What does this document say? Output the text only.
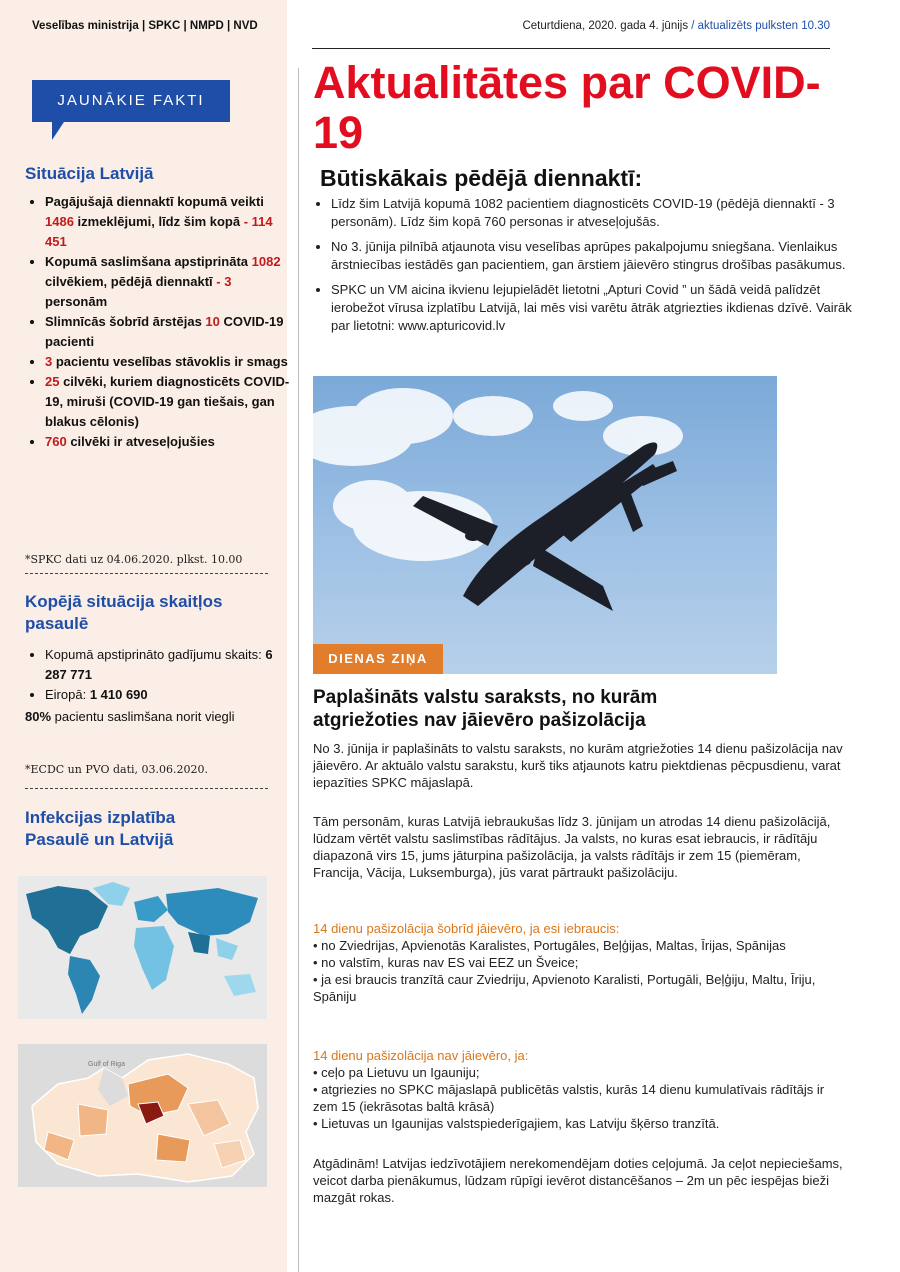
Veselības ministrija | SPKC | NMPD | NVD	Ceturtdiena, 2020. gada 4. jūnijs / aktualizēts pulksten 10.30
JAUNĀKIE FAKTI
Situācija Latvijā
• Pagājušajā diennaktī kopumā veikti 1486 izmeklējumi, līdz šim kopā - 114 451
• Kopumā saslimšana apstiprināta 1082 cilvēkiem, pēdējā diennaktī - 3 personām
• Slimnīcās šobrīd ārstējas 10 COVID-19 pacienti
• 3 pacientu veselības stāvoklis ir smags
• 25 cilvēki, kuriem diagnosticēts COVID-19, miruši (COVID-19 gan tiešais, gan blakus cēlonis)
• 760 cilvēki ir atveseļojušies
*SPKC dati uz 04.06.2020. plkst. 10.00
Kopējā situācija skaitļos pasaulē
• Kopumā apstiprināto gadījumu skaits: 6 287 771
• Eiropā: 1 410 690
80% pacientu saslimšana norit viegli
*ECDC un PVO dati, 03.06.2020.
Infekcijas izplatība Pasaulē un Latvijā
Gulf of Riga
Aktualitātes par COVID-19
Būtiskākais pēdējā diennaktī:
• Līdz šim Latvijā kopumā 1082 pacientiem diagnosticēts COVID-19 (pēdējā diennaktī - 3 personām). Līdz šim kopā 760 personas ir atveseļojušās.
• No 3. jūnija pilnībā atjaunota visu veselības aprūpes pakalpojumu sniegšana. Vienlaikus ārstniecības iestādēs gan pacientiem, gan ārstiem jāievēro stingrus drošības pasākumus.
• SPKC un VM aicina ikvienu lejupielādēt lietotni „Apturi Covid ” un šādā veidā palīdzēt ierobežot vīrusa izplatību Latvijā, lai mēs visi varētu ātrāk atgriezties ikdienas dzīvē. Vairāk par lietotni: www.apturicovid.lv
DIENAS ZIŅA
Paplašināts valstu saraksts, no kurām atgriežoties nav jāievēro pašizolācija

No 3. jūnija ir paplašināts to valstu saraksts, no kurām atgriežoties 14 dienu pašizolācija nav jāievēro. Ar aktuālo valstu sarakstu, kurš tiks atjaunots katru piektdienas pēcpusdienu, varat iepazīties SPKC mājaslapā.

Tām personām, kuras Latvijā iebraukušas līdz 3. jūnijam un atrodas 14 dienu pašizolācijā, lūdzam vērtēt valstu saslimstības rādītājus. Ja valsts, no kuras esat iebraucis, ir rādītāju diapazonā virs 15, jums jāturpina pašizolācija, ja valsts rādītājs ir zem 15 (piemēram, Francija, Vācija, Luksemburga), jūs varat pārtraukt pašizolāciju.

14 dienu pašizolācija šobrīd jāievēro, ja esi iebraucis:
• no Zviedrijas, Apvienotās Karalistes, Portugāles, Beļģijas, Maltas, Īrijas, Spānijas
• no valstīm, kuras nav ES vai EEZ un Šveice;
• ja esi braucis tranzītā caur Zviedriju, Apvienoto Karalisti, Portugāli, Beļģiju, Maltu, Īriju, Spāniju
14 dienu pašizolācija nav jāievēro, ja:
• ceļo pa Lietuvu un Igauniju;
• atgriezies no SPKC mājaslapā publicētās valstis, kurās 14 dienu kumulatīvais rādītājs ir zem 15 (iekrāsotas baltā krāsā)
• Lietuvas un Igaunijas valstspiederīgajiem, kas Latviju šķērso tranzītā.

Atgādinām! Latvijas iedzīvotājiem nerekomendējam doties ceļojumā. Ja ceļot nepieciešams, veicot darba pienākumus, lūdzam rūpīgi ievērot distancēšanos – 2m un pēc iespējas bieži mazgāt rokas.
